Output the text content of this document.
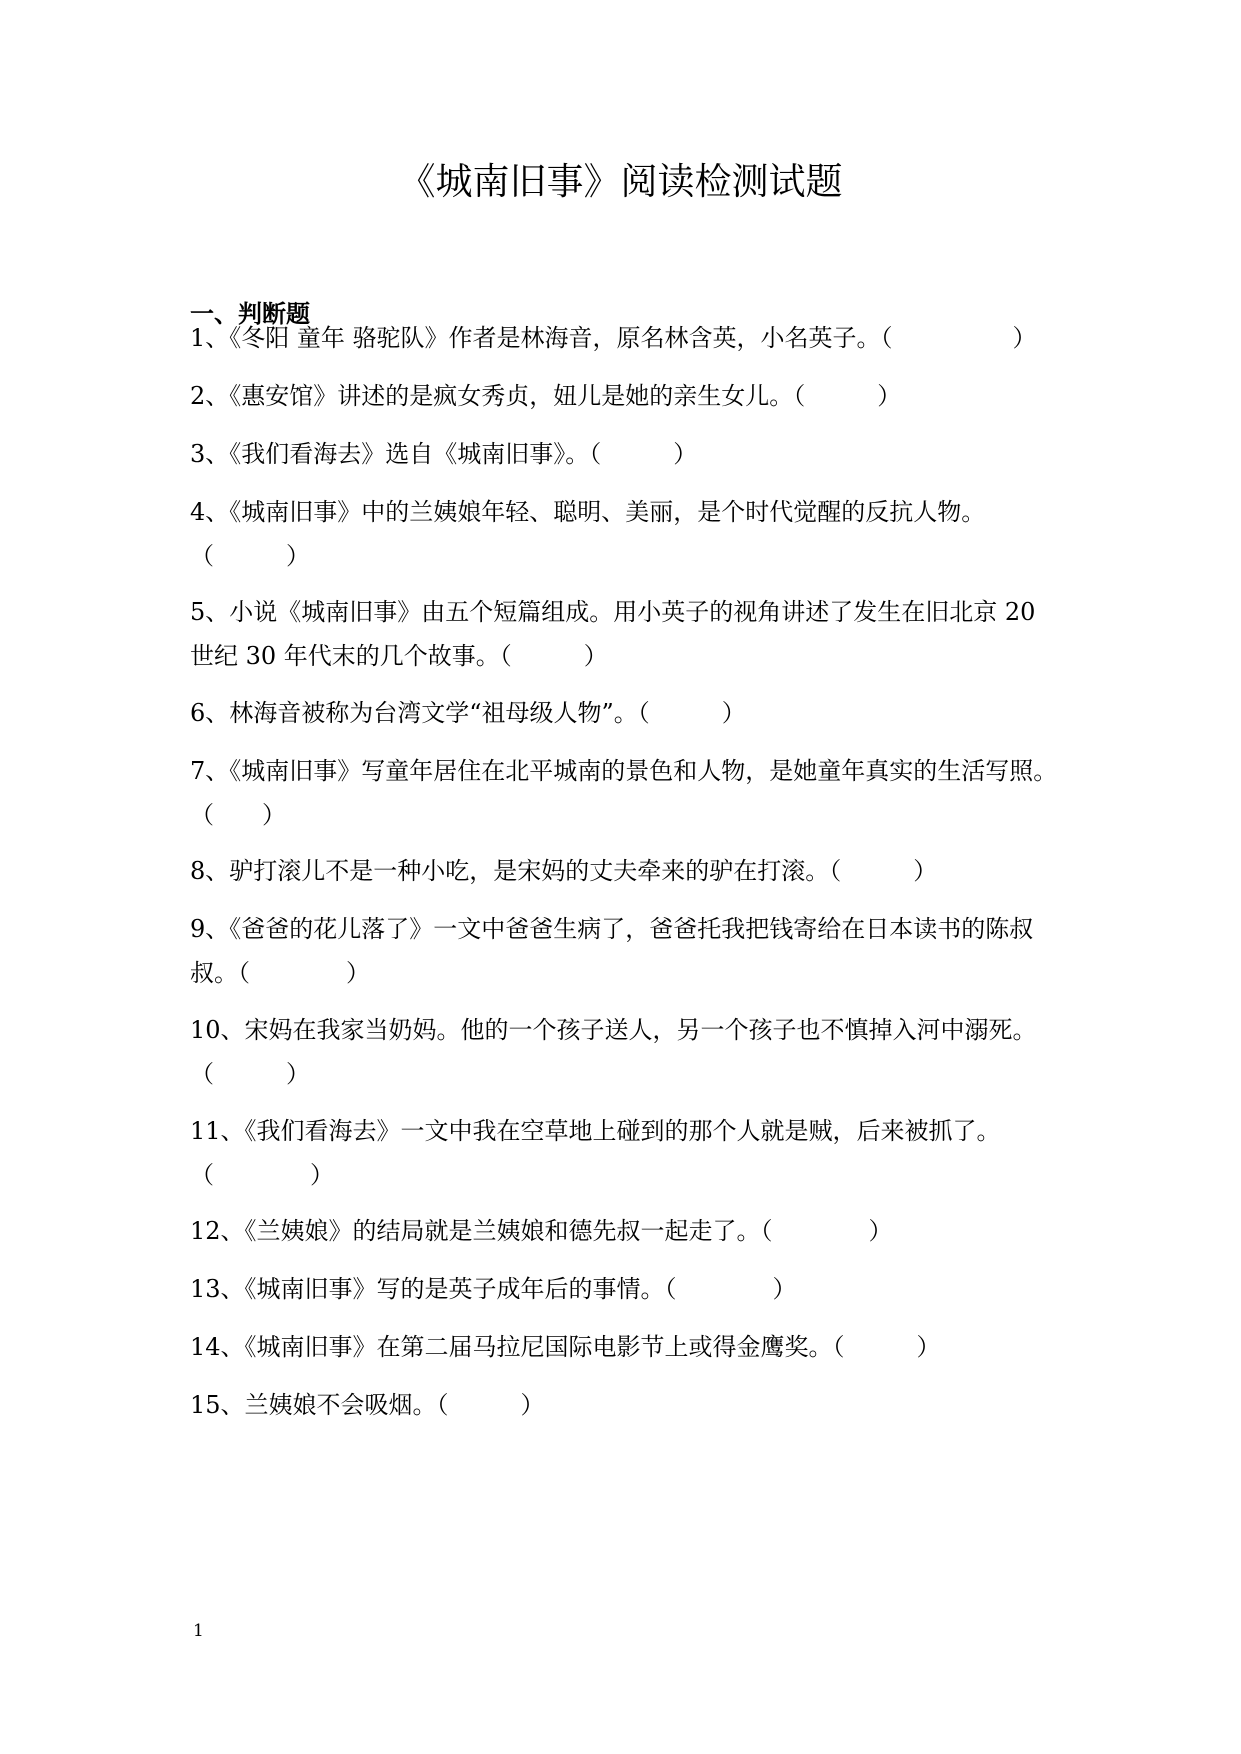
《城南旧事》阅读检测试题
一、判断题
1、《冬阳 童年 骆驼队》作者是林海音，原名林含英，小名英子。（　　　　　）
2、《惠安馆》讲述的是疯女秀贞，妞儿是她的亲生女儿。（　　　）
3、《我们看海去》选自《城南旧事》。（　　　）
4、《城南旧事》中的兰姨娘年轻、聪明、美丽，是个时代觉醒的反抗人物。
（　　　）
5、小说《城南旧事》由五个短篇组成。用小英子的视角讲述了发生在旧北京 20
世纪 30 年代末的几个故事。（　　　）
6、林海音被称为台湾文学“祖母级人物”。（　　　）
7、《城南旧事》写童年居住在北平城南的景色和人物，是她童年真实的生活写照。
（　　）
8、驴打滚儿不是一种小吃，是宋妈的丈夫牵来的驴在打滚。（　　　）
9、《爸爸的花儿落了》一文中爸爸生病了，爸爸托我把钱寄给在日本读书的陈叔
叔。（　　　　）
10、宋妈在我家当奶妈。他的一个孩子送人，另一个孩子也不慎掉入河中溺死。
（　　　）
11、《我们看海去》一文中我在空草地上碰到的那个人就是贼，后来被抓了。
（　　　　）
12、《兰姨娘》的结局就是兰姨娘和德先叔一起走了。（　　　　）
13、《城南旧事》写的是英子成年后的事情。（　　　　）
14、《城南旧事》在第二届马拉尼国际电影节上或得金鹰奖。（　　　）
15、兰姨娘不会吸烟。（　　　）
1
